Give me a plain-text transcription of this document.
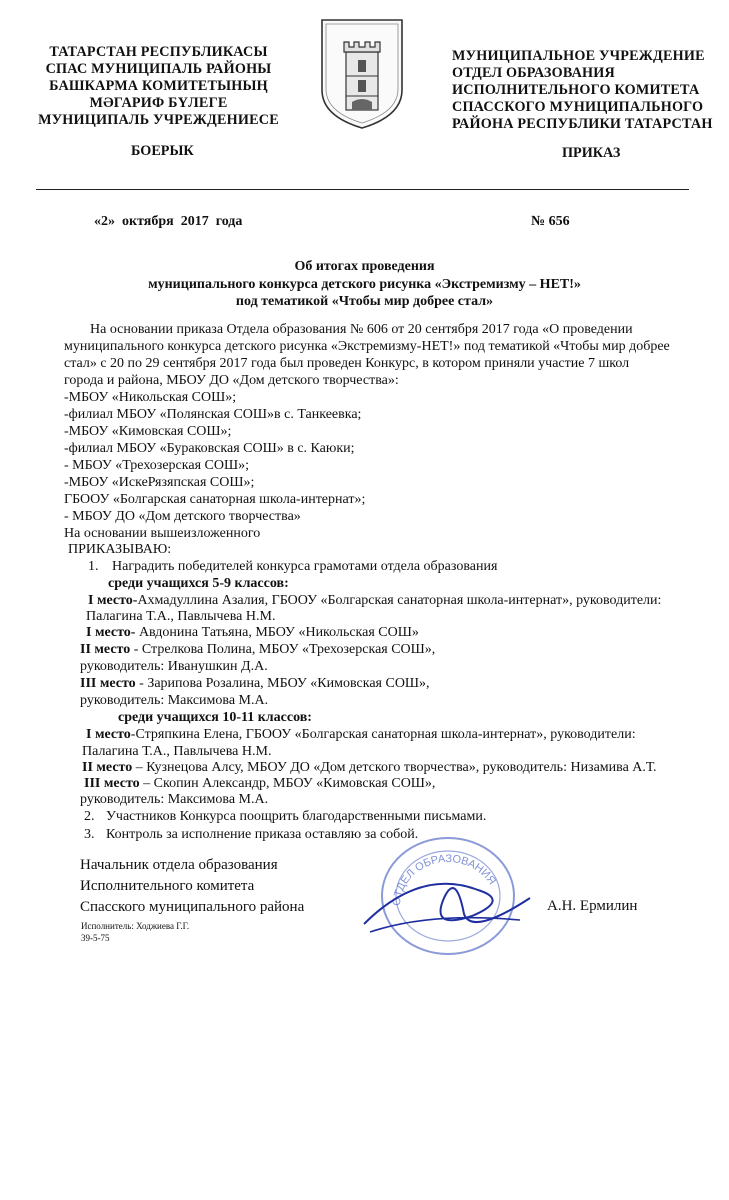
ТАТАРСТАН РЕСПУБЛИКАСЫ
СПАС МУНИЦИПАЛЬ РАЙОНЫ
БАШКАРМА КОМИТЕТЫНЫҢ
МӘГАРИФ БҮЛЕГЕ
МУНИЦИПАЛЬ УЧРЕЖДЕНИЕСЕ
МУНИЦИПАЛЬНОЕ УЧРЕЖДЕНИЕ
ОТДЕЛ ОБРАЗОВАНИЯ
ИСПОЛНИТЕЛЬНОГО КОМИТЕТА
СПАССКОГО МУНИЦИПАЛЬНОГО
РАЙОНА РЕСПУБЛИКИ ТАТАРСТАН
БОЕРЫК	ПРИКАЗ
«2»  октября  2017  года	№ 656
Об итогах проведения
муниципального конкурса детского рисунка «Экстремизму – НЕТ!»
под тематикой «Чтобы мир добрее стал»
На основании приказа Отдела образования № 606 от 20 сентября 2017 года «О проведении
муниципального конкурса детского рисунка «Экстремизму-НЕТ!» под тематикой «Чтобы мир добрее
стал» с 20 по 29 сентября 2017 года был проведен Конкурс, в котором приняли участие 7 школ
города и района, МБОУ ДО «Дом детского творчества»:
-МБОУ «Никольская СОШ»;
-филиал МБОУ «Полянская СОШ»в с. Танкеевка;
-МБОУ «Кимовская СОШ»;
-филиал МБОУ «Бураковская СОШ» в с. Каюки;
- МБОУ «Трехозерская СОШ»;
-МБОУ «ИскеРязяпская СОШ»;
ГБООУ «Болгарская санаторная школа-интернат»;
- МБОУ ДО «Дом детского творчества»
На основании вышеизложенного
ПРИКАЗЫВАЮ:
1. Наградить победителей конкурса грамотами отдела образования
среди учащихся 5-9 классов:
I место-Ахмадуллина Азалия, ГБООУ «Болгарская санаторная школа-интернат», руководители:
Палагина Т.А., Павлычева Н.М.
I место- Авдонина Татьяна, МБОУ «Никольская СОШ»
II место - Стрелкова Полина, МБОУ «Трехозерская СОШ»,
руководитель: Иванушкин Д.А.
III место - Зарипова Розалина, МБОУ «Кимовская СОШ»,
руководитель: Максимова М.А.
среди учащихся 10-11 классов:
I место-Стряпкина Елена, ГБООУ «Болгарская санаторная школа-интернат», руководители:
Палагина Т.А., Павлычева Н.М.
II место – Кузнецова Алсу, МБОУ ДО «Дом детского творчества», руководитель: Низамива А.Т.
III место – Скопин Александр, МБОУ «Кимовская СОШ»,
руководитель: Максимова М.А.
2. Участников Конкурса поощрить благодарственными письмами.
3. Контроль за исполнение приказа оставляю за собой.
ОТДЕЛ ОБРАЗОВАНИЯ
Начальник отдела образования
Исполнительного комитета
Спасского муниципального района	А.Н. Ермилин
Исполнитель: Ходжиева Г.Г.
39-5-75
